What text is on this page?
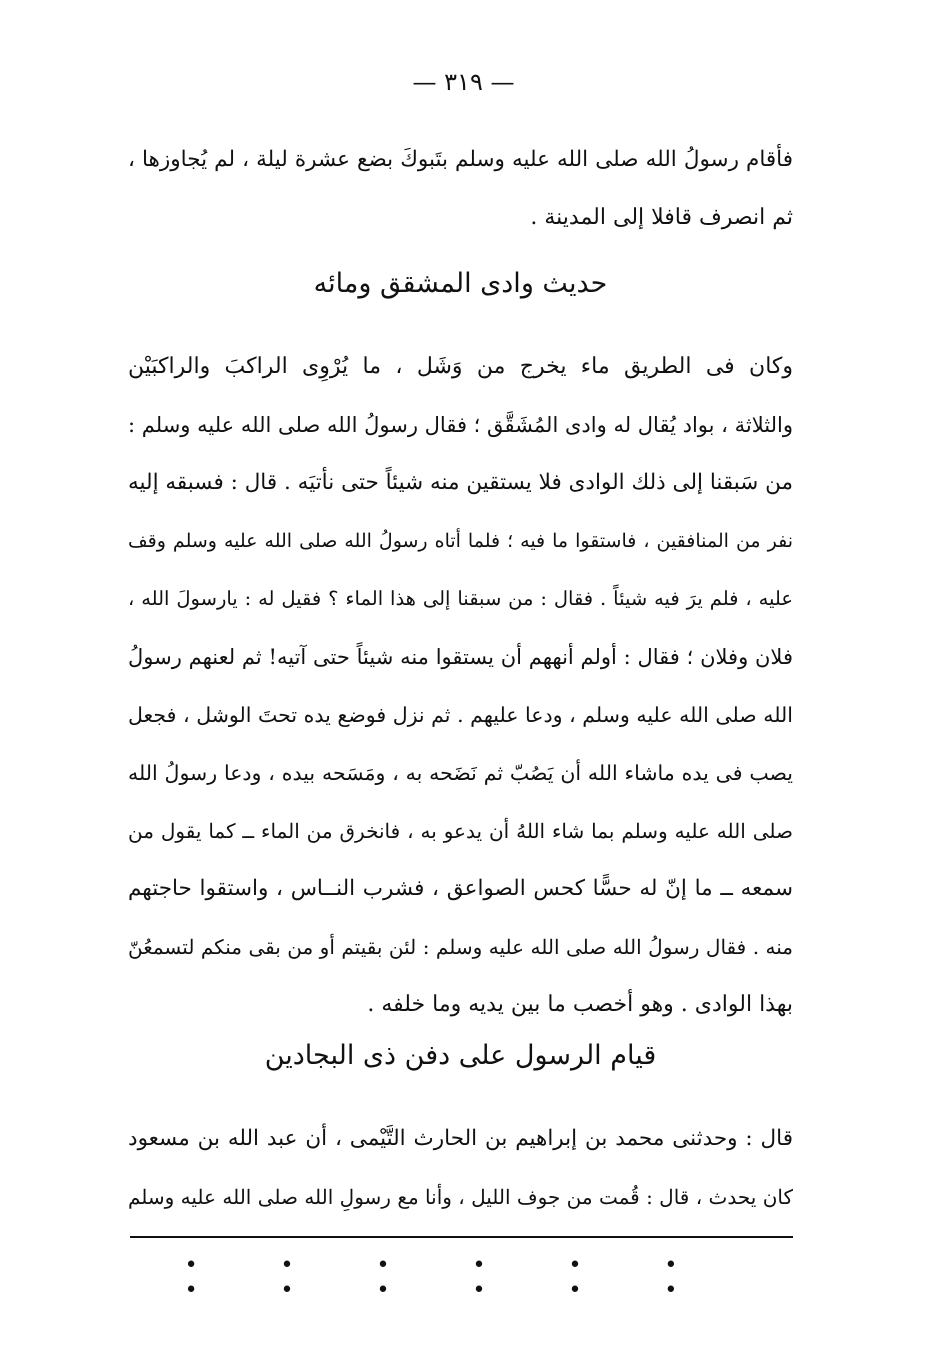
— ٣١٩ —
فأقام رسولُ الله صلى الله عليه وسلم بتَبوكَ بضع عشرة ليلة ، لم يُجاوزها ،
ثم انصرف قافلا إلى المدينة .
حديث وادى المشقق ومائه
وكان فى الطريق ماء يخرج من وَشَل ، ما يُرْوِى الراكبَ والراكبَيْن
والثلاثة ، بواد يُقال له وادى المُشَقَّق ؛ فقال رسولُ الله صلى الله عليه وسلم :
من سَبقنا إلى ذلك الوادى فلا يستقين منه شيئاً حتى نأتيَه . قال : فسبقه إليه
نفر من المنافقين ، فاستقوا ما فيه ؛ فلما أتاه رسولُ الله صلى الله عليه وسلم وقف
عليه ، فلم يرَ فيه شيئاً . فقال : من سبقنا إلى هذا الماء ؟ فقيل له : يارسولَ الله ،
فلان وفلان ؛ فقال : أولم أنههم أن يستقوا منه شيئاً حتى آتيه! ثم لعنهم رسولُ
الله صلى الله عليه وسلم ، ودعا عليهم . ثم نزل فوضع يده تحتَ الوشل ، فجعل
يصب فى يده ماشاء الله أن يَصُبّ ثم نَضَحه به ، ومَسَحه بيده ، ودعا رسولُ الله
صلى الله عليه وسلم بما شاء اللهُ أن يدعو به ، فانخرق من الماء ــ كما يقول من
سمعه ــ ما إنّ له حسًّا كحس الصواعق ، فشرب النــاس ، واستقوا حاجتهم
منه . فقال رسولُ الله صلى الله عليه وسلم : لئن بقيتم أو من بقى منكم لتسمعُنّ
بهذا الوادى . وهو أخصب ما بين يديه وما خلفه .
قيام الرسول على دفن ذى البجادين
قال : وحدثنى محمد بن إبراهيم بن الحارث التَّيْمى ، أن عبد الله بن مسعود
كان يحدث ، قال : قُمت من جوف الليل ، وأنا مع رسولِ الله صلى الله عليه وسلم
• • • • • • • • • • • •
